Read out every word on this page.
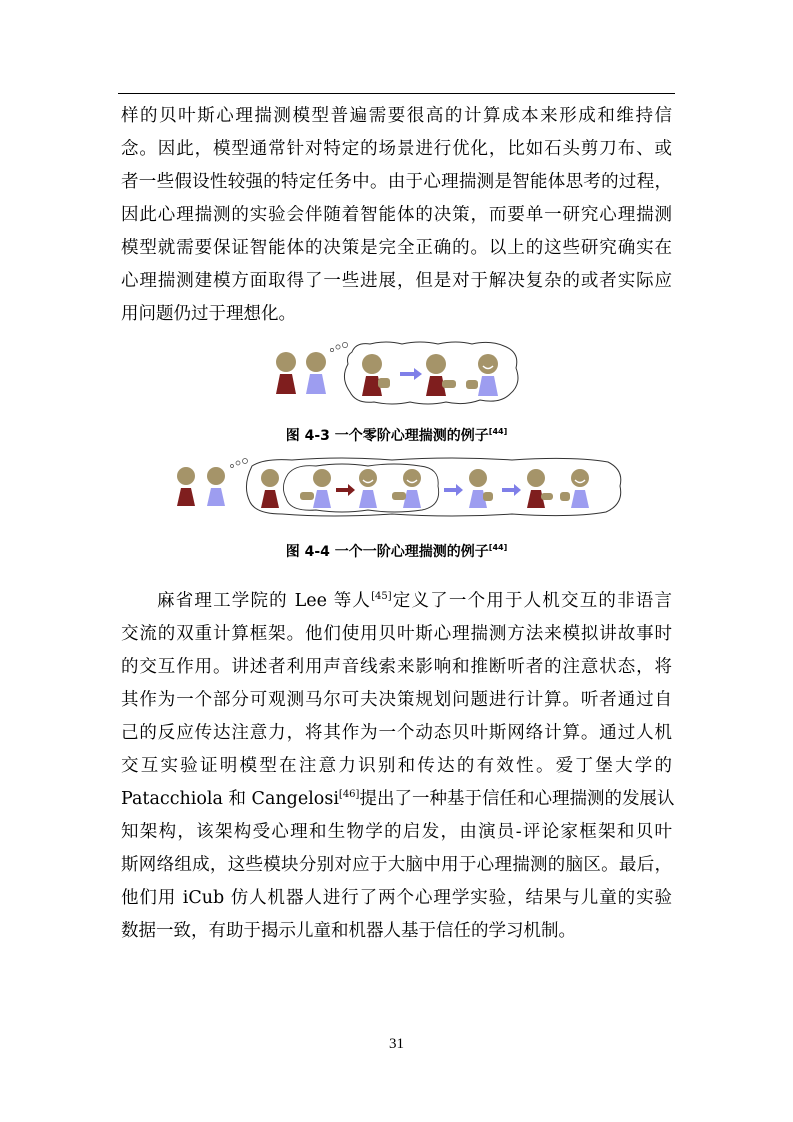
样的贝叶斯心理揣测模型普遍需要很高的计算成本来形成和维持信
念。因此，模型通常针对特定的场景进行优化，比如石头剪刀布、或
者一些假设性较强的特定任务中。由于心理揣测是智能体思考的过程，
因此心理揣测的实验会伴随着智能体的决策，而要单一研究心理揣测
模型就需要保证智能体的决策是完全正确的。以上的这些研究确实在
心理揣测建模方面取得了一些进展，但是对于解决复杂的或者实际应
用问题仍过于理想化。
图 4-3 一个零阶心理揣测的例子[44]
图 4-4 一个一阶心理揣测的例子[44]
麻省理工学院的 Lee 等人[45]定义了一个用于人机交互的非语言
交流的双重计算框架。他们使用贝叶斯心理揣测方法来模拟讲故事时
的交互作用。讲述者利用声音线索来影响和推断听者的注意状态，将
其作为一个部分可观测马尔可夫决策规划问题进行计算。听者通过自
己的反应传达注意力，将其作为一个动态贝叶斯网络计算。通过人机
交互实验证明模型在注意力识别和传达的有效性。爱丁堡大学的
Patacchiola 和 Cangelosi[46]提出了一种基于信任和心理揣测的发展认
知架构，该架构受心理和生物学的启发，由演员-评论家框架和贝叶
斯网络组成，这些模块分别对应于大脑中用于心理揣测的脑区。最后，
他们用 iCub 仿人机器人进行了两个心理学实验，结果与儿童的实验
数据一致，有助于揭示儿童和机器人基于信任的学习机制。
31
